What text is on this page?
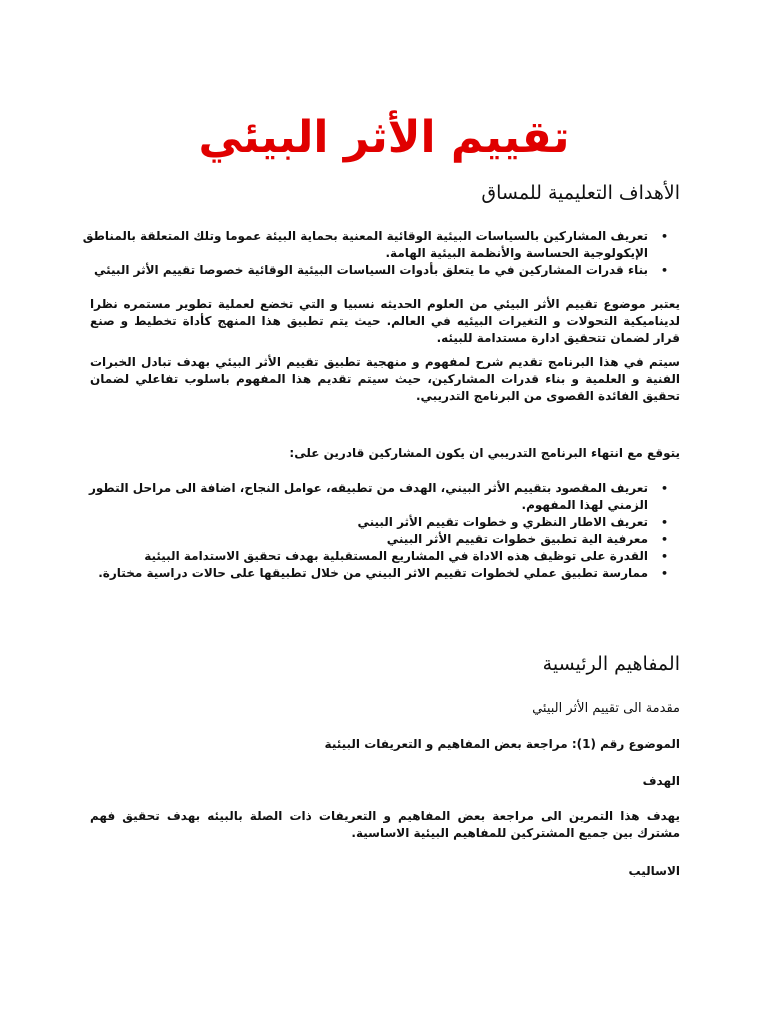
تقييم الأثر البيئي
الأهداف التعليمية للمساق
• تعريف المشاركين بالسياسات البيئية الوقائية المعنية بحماية البيئة عموما وتلك المتعلقة بالمناطق الإيكولوجية الحساسة والأنظمة البيئية الهامة.
• بناء قدرات المشاركين في ما يتعلق بأدوات السياسات البيئية الوقائية خصوصا تقييم الأثر البيئي

يعتبر موضوع تقييم الأثر البيئي من العلوم الحديثه نسبيا و التي تخضع لعملية تطوير مستمره نظرا لديناميكية التحولات و التغيرات البيئيه في العالم. حيث يتم تطبيق هذا المنهج كأداة تخطيط و صنع قرار لضمان تتحقيق ادارة مستدامة للبيئه.

سيتم في هذا البرنامج تقديم شرح لمفهوم و منهجية تطبيق تقييم الأثر البيئي بهدف تبادل الخبرات الفنية و العلمية و بناء قدرات المشاركين، حيث سيتم تقديم هذا المفهوم باسلوب تفاعلي لضمان تحقيق الفائدة القصوى من البرنامج التدريبي.

يتوقع مع انتهاء البرنامج التدريبي ان يكون المشاركين قادرين على:

• تعريف المقصود بتقييم الأثر البيني، الهدف من تطبيقه، عوامل النجاح، اضافة الى مراحل التطور الزمني لهذا المفهوم.
• تعريف الاطار النظري و خطوات تقييم الأثر البيني
• معرفية الية تطبيق خطوات تقييم الأثر البيني
• القدرة على توظيف هذه الاداة في المشاريع المستقبلية بهدف تحقيق الاستدامة البيئية
• ممارسة تطبيق عملي لخطوات تقييم الاثر البيني من خلال تطبيقها على حالات دراسية مختارة.
المفاهيم الرئيسية

مقدمة الى تقييم الأثر البيئي

الموضوع رقم (1): مراجعة بعض المفاهيم و التعريفات البيئية

الهدف

يهدف هذا التمرين الى مراجعة بعض المفاهيم و التعريفات ذات الصلة بالبيئه بهدف تحقيق فهم مشترك بين جميع المشتركين للمفاهيم البيئية الاساسية.

الاساليب
